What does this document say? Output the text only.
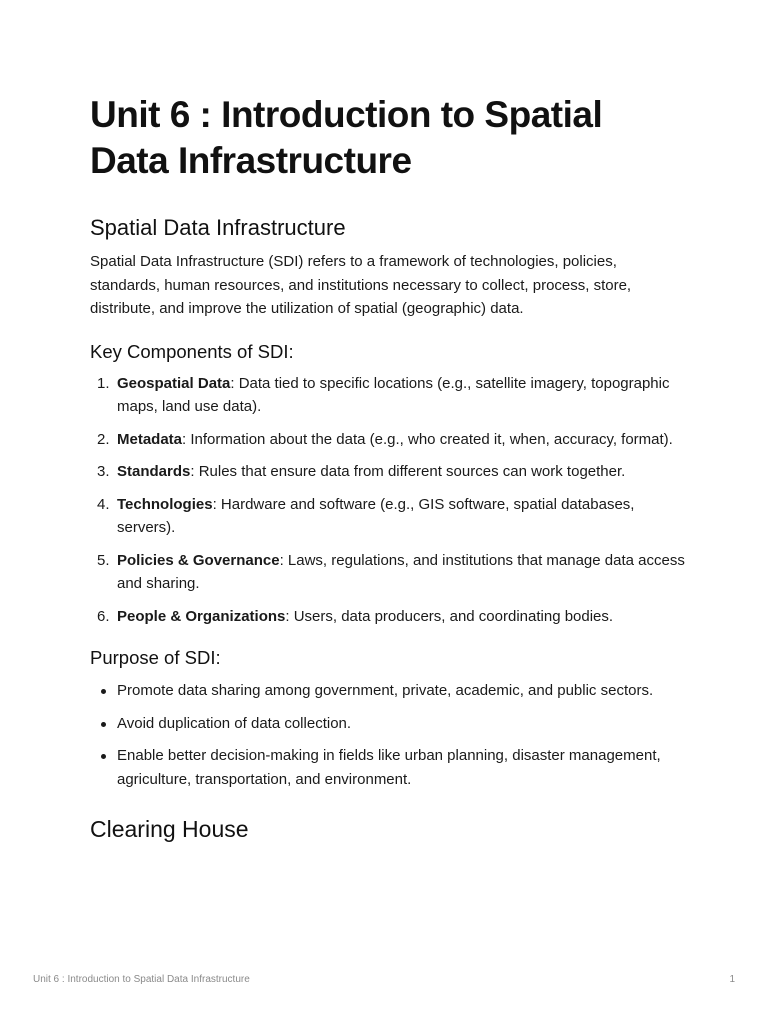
Unit 6 : Introduction to Spatial Data Infrastructure
Spatial Data Infrastructure

Spatial Data Infrastructure (SDI) refers to a framework of technologies, policies, standards, human resources, and institutions necessary to collect, process, store, distribute, and improve the utilization of spatial (geographic) data.

Key Components of SDI:
1. Geospatial Data: Data tied to specific locations (e.g., satellite imagery, topographic maps, land use data).
2. Metadata: Information about the data (e.g., who created it, when, accuracy, format).
3. Standards: Rules that ensure data from different sources can work together.
4. Technologies: Hardware and software (e.g., GIS software, spatial databases, servers).
5. Policies & Governance: Laws, regulations, and institutions that manage data access and sharing.
6. People & Organizations: Users, data producers, and coordinating bodies.
Purpose of SDI:
Promote data sharing among government, private, academic, and public sectors.
Avoid duplication of data collection.
Enable better decision-making in fields like urban planning, disaster management, agriculture, transportation, and environment.
Clearing House
Unit 6 : Introduction to Spatial Data Infrastructure	1
